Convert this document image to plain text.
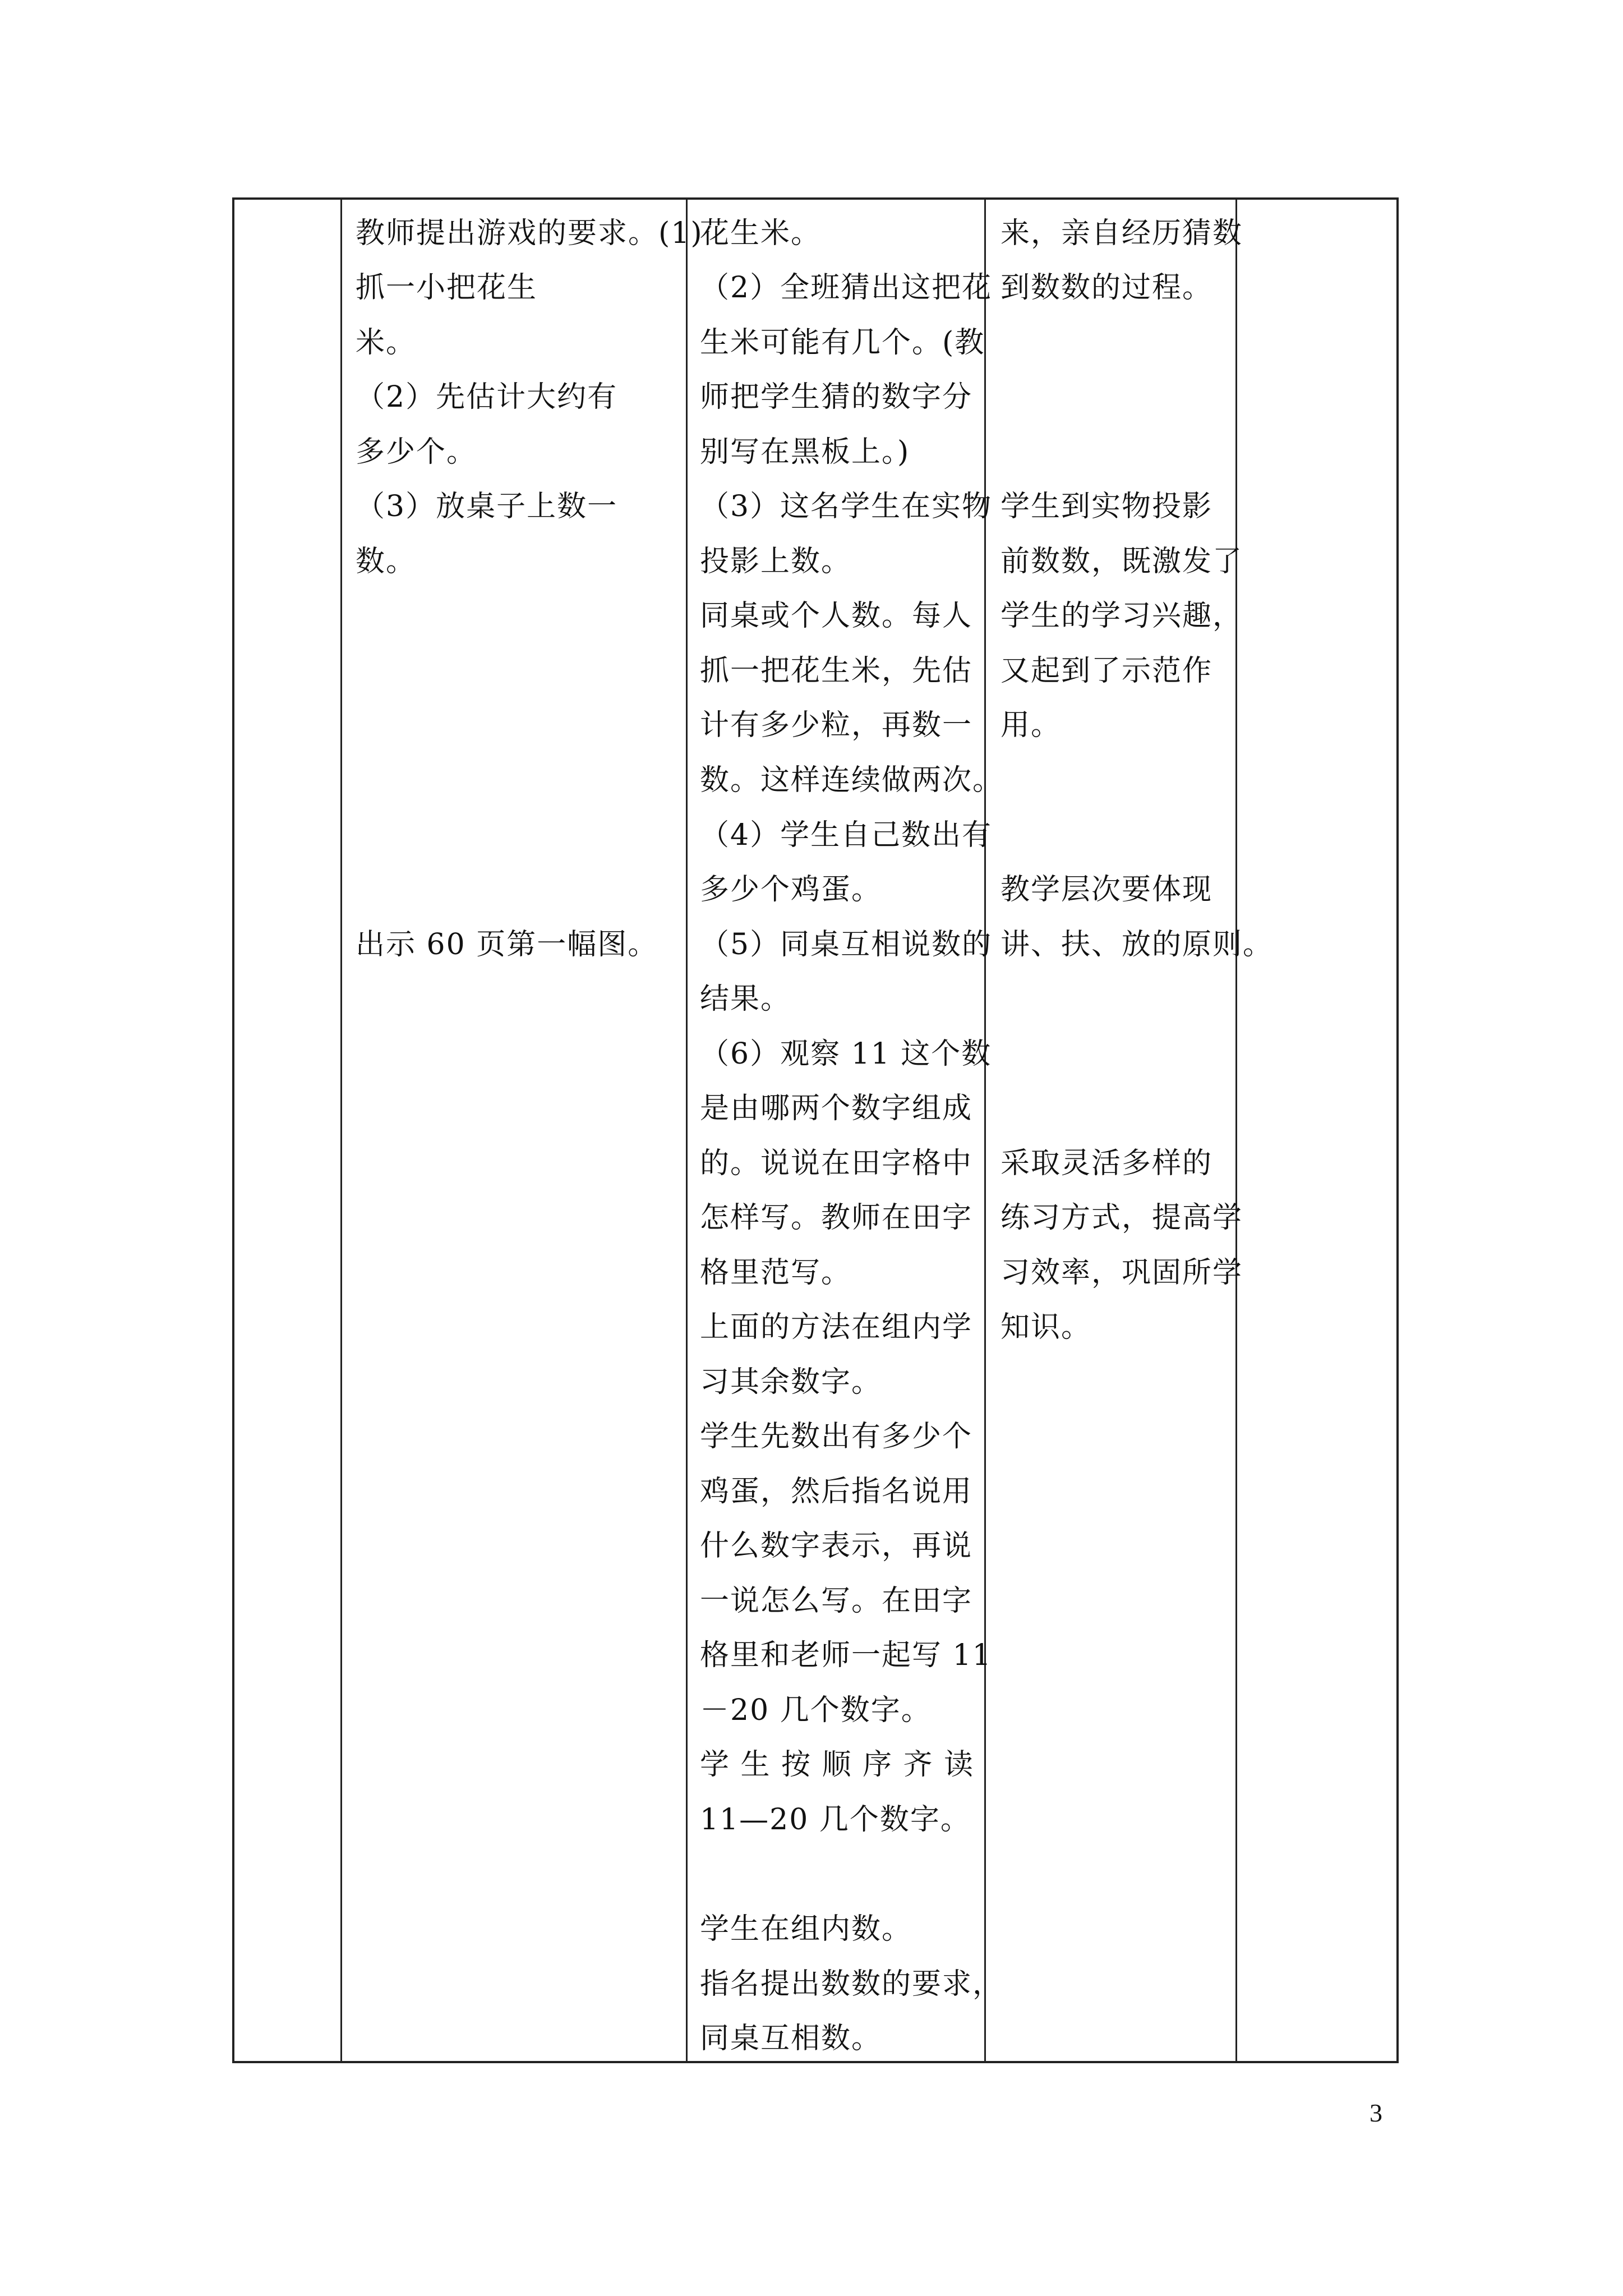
教师提出游戏的要求。(1)
抓一小把花生
米。
（2）先估计大约有
多少个。
（3）放桌子上数一
数。
出示 60 页第一幅图。
花生米。
（2）全班猜出这把花
生米可能有几个。(教
师把学生猜的数字分
别写在黑板上。)
（3）这名学生在实物
投影上数。
同桌或个人数。每人
抓一把花生米，先估
计有多少粒，再数一
数。这样连续做两次。
（4）学生自己数出有
多少个鸡蛋。
（5）同桌互相说数的
结果。
（6）观察 11 这个数
是由哪两个数字组成
的。说说在田字格中
怎样写。教师在田字
格里范写。
上面的方法在组内学
习其余数字。
学生先数出有多少个
鸡蛋，然后指名说用
什么数字表示，再说
一说怎么写。在田字
格里和老师一起写 11
－20 几个数字。
学 生 按 顺 序 齐 读
11—20 几个数字。
学生在组内数。
指名提出数数的要求，
同桌互相数。
来，亲自经历猜数
到数数的过程。
学生到实物投影
前数数，既激发了
学生的学习兴趣，
又起到了示范作
用。
教学层次要体现
讲、扶、放的原则。
采取灵活多样的
练习方式，提高学
习效率，巩固所学
知识。
3
